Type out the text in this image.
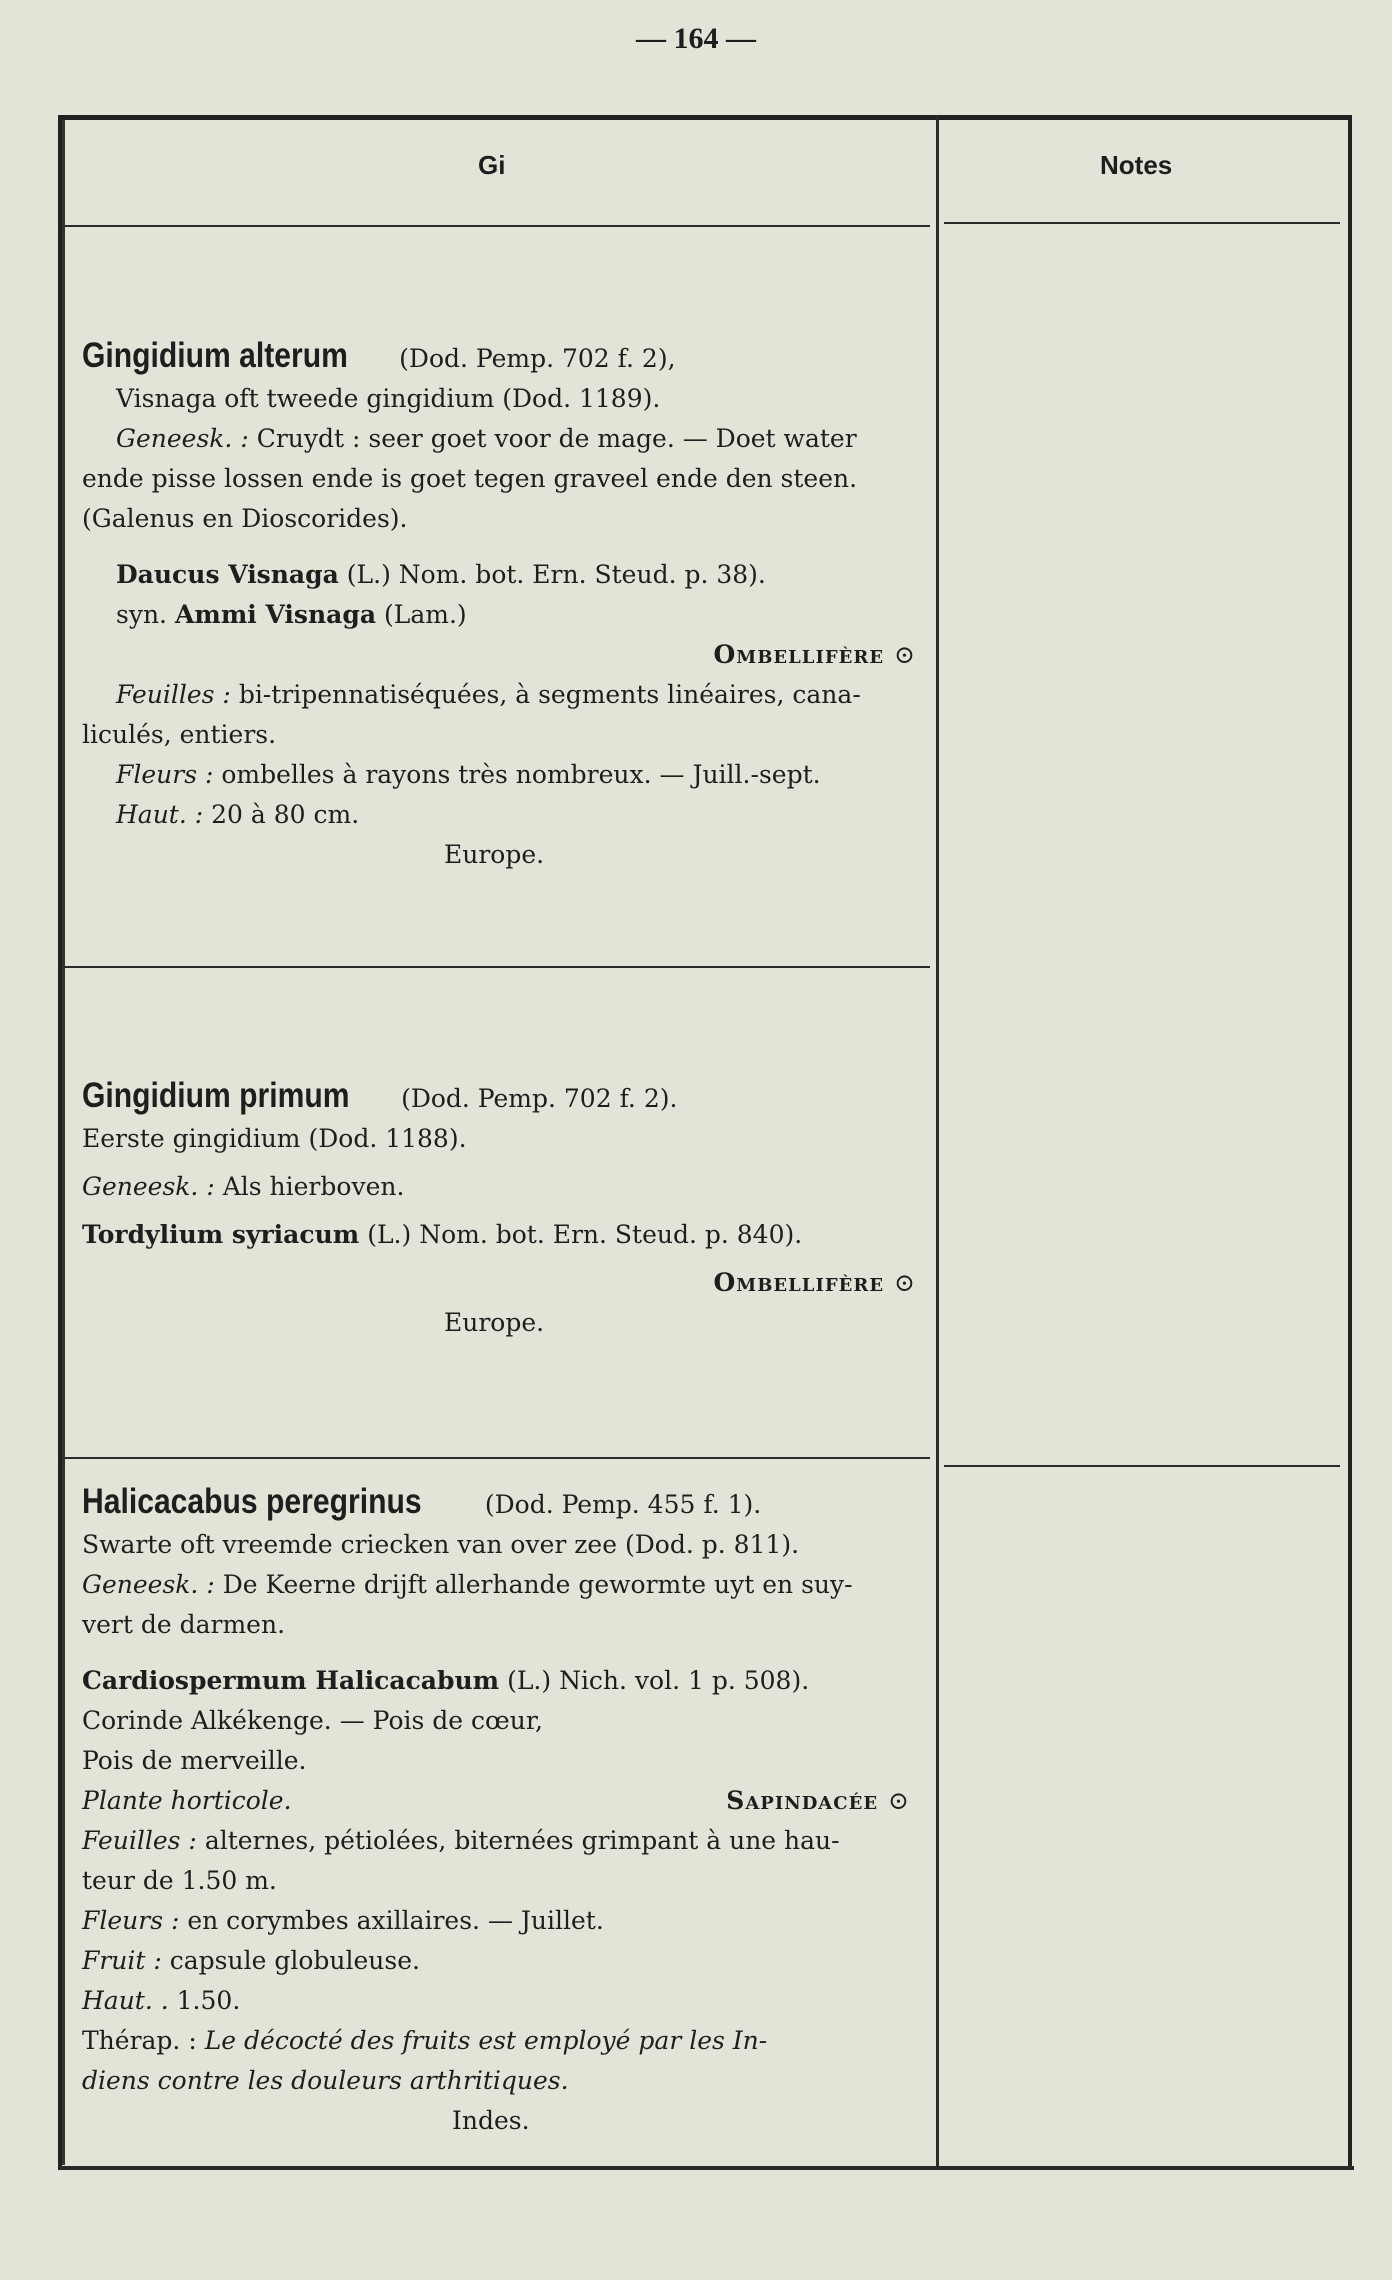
— 164 —
Gi	Notes

Gingidium alterum (Dod. Pemp. 702 f. 2),

Visnaga oft tweede gingidium (Dod. 1189).

Geneesk. : Cruydt : seer goet voor de mage. — Doet water

ende pisse lossen ende is goet tegen graveel ende den steen.

(Galenus en Dioscorides).

Daucus Visnaga (L.) Nom. bot. Ern. Steud. p. 38).

syn. Ammi Visnaga (Lam.)

Ombellifère ⊙

Feuilles : bi-tripennatiséquées, à segments linéaires, cana-

liculés, entiers.

Fleurs : ombelles à rayons très nombreux. — Juill.-sept.

Haut. : 20 à 80 cm.

Europe.

Gingidium primum (Dod. Pemp. 702 f. 2).

Eerste gingidium (Dod. 1188).

Geneesk. : Als hierboven.

Tordylium syriacum (L.) Nom. bot. Ern. Steud. p. 840).

Ombellifère ⊙

Europe.

Halicacabus peregrinus	(Dod. Pemp. 455 f. 1).

Swarte oft vreemde criecken van over zee (Dod. p. 811).

Geneesk. : De Keerne drijft allerhande gewormte uyt en suy-

vert de darmen.

Cardiospermum Halicacabum (L.) Nich. vol. 1 p. 508).

Corinde Alkékenge. — Pois de cœur,

Pois de merveille.

Plante horticole.	Sapindacée ⊙

Feuilles : alternes, pétiolées, biternées grimpant à une hau-

teur de 1.50 m.

Fleurs : en corymbes axillaires. — Juillet.

Fruit : capsule globuleuse.

Haut. . 1.50.

Thérap. : Le décocté des fruits est employé par les In-

diens contre les douleurs arthritiques.

Indes.
